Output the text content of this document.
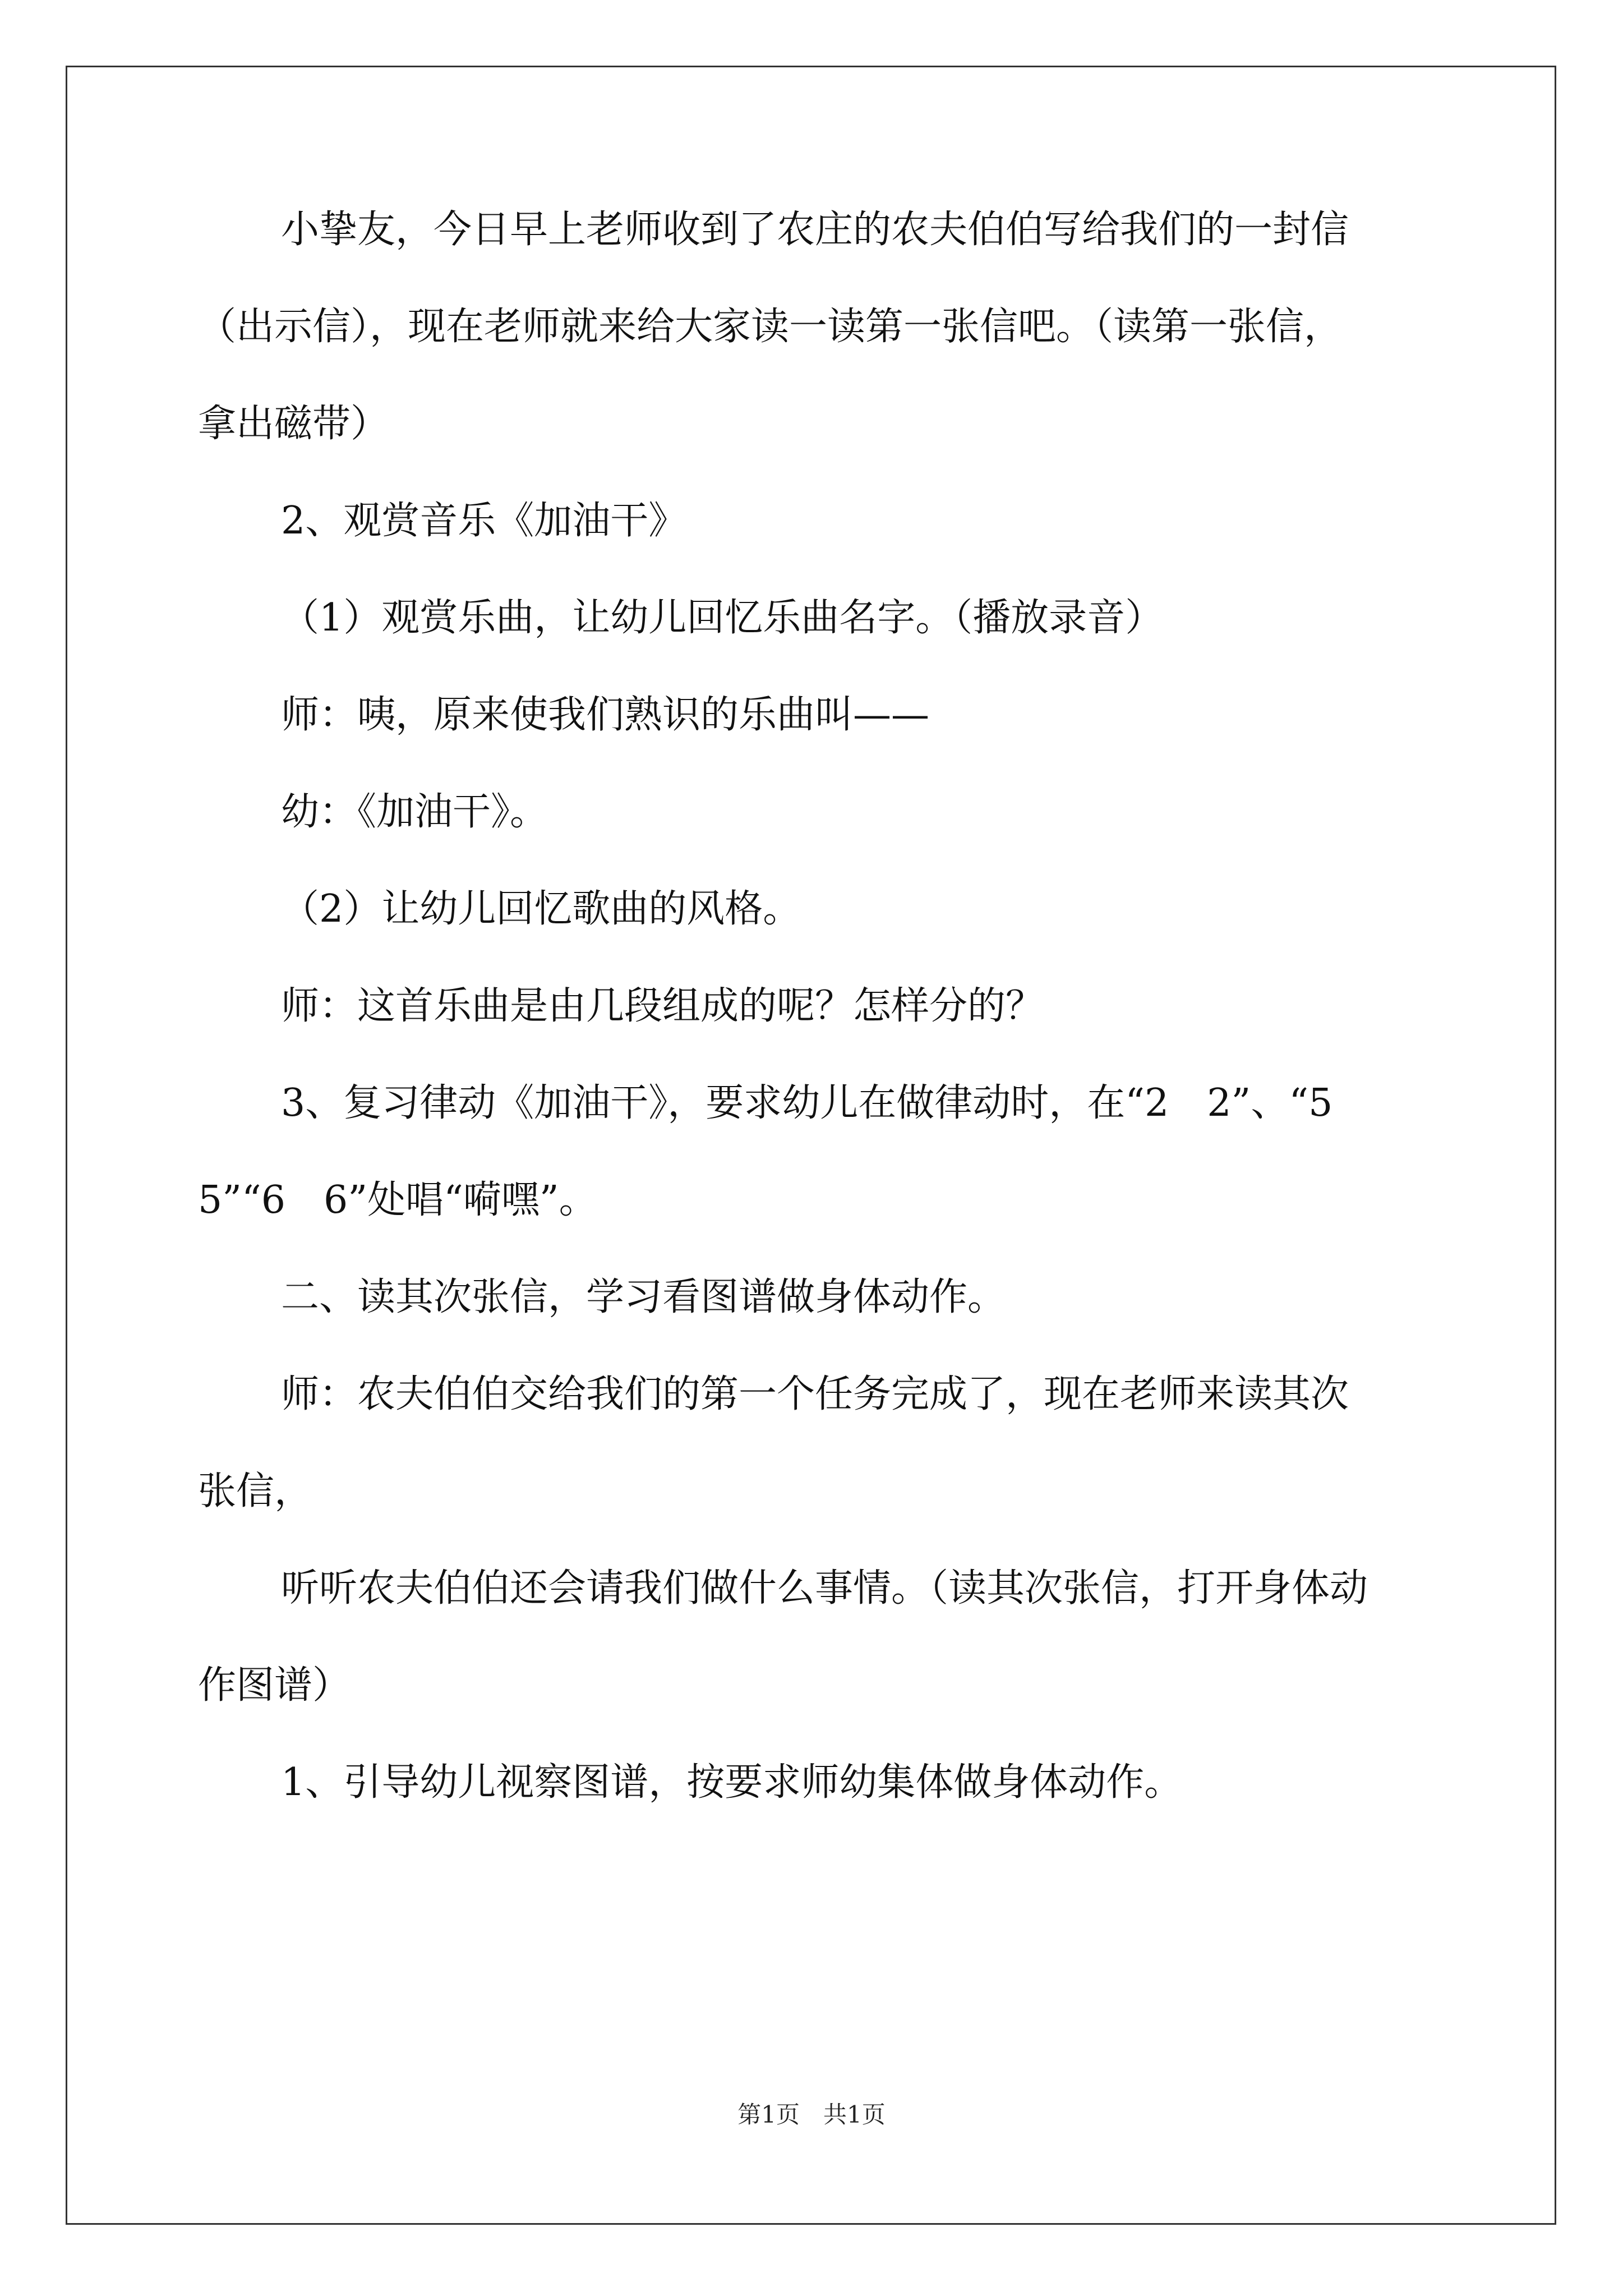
小挚友，今日早上老师收到了农庄的农夫伯伯写给我们的一封信
（出示信），现在老师就来给大家读一读第一张信吧。（读第一张信，
拿出磁带）
2、观赏音乐《加油干》
（1）观赏乐曲，让幼儿回忆乐曲名字。（播放录音）
师：咦，原来使我们熟识的乐曲叫——
幼：《加油干》。
（2）让幼儿回忆歌曲的风格。
师：这首乐曲是由几段组成的呢？怎样分的？
3、复习律动《加油干》，要求幼儿在做律动时，在“2　2”、“5
5”“6　6”处唱“嗬嘿”。
二、读其次张信，学习看图谱做身体动作。
师：农夫伯伯交给我们的第一个任务完成了，现在老师来读其次
张信，
听听农夫伯伯还会请我们做什么事情。（读其次张信，打开身体动
作图谱）
1、引导幼儿视察图谱，按要求师幼集体做身体动作。
第1页　共1页
